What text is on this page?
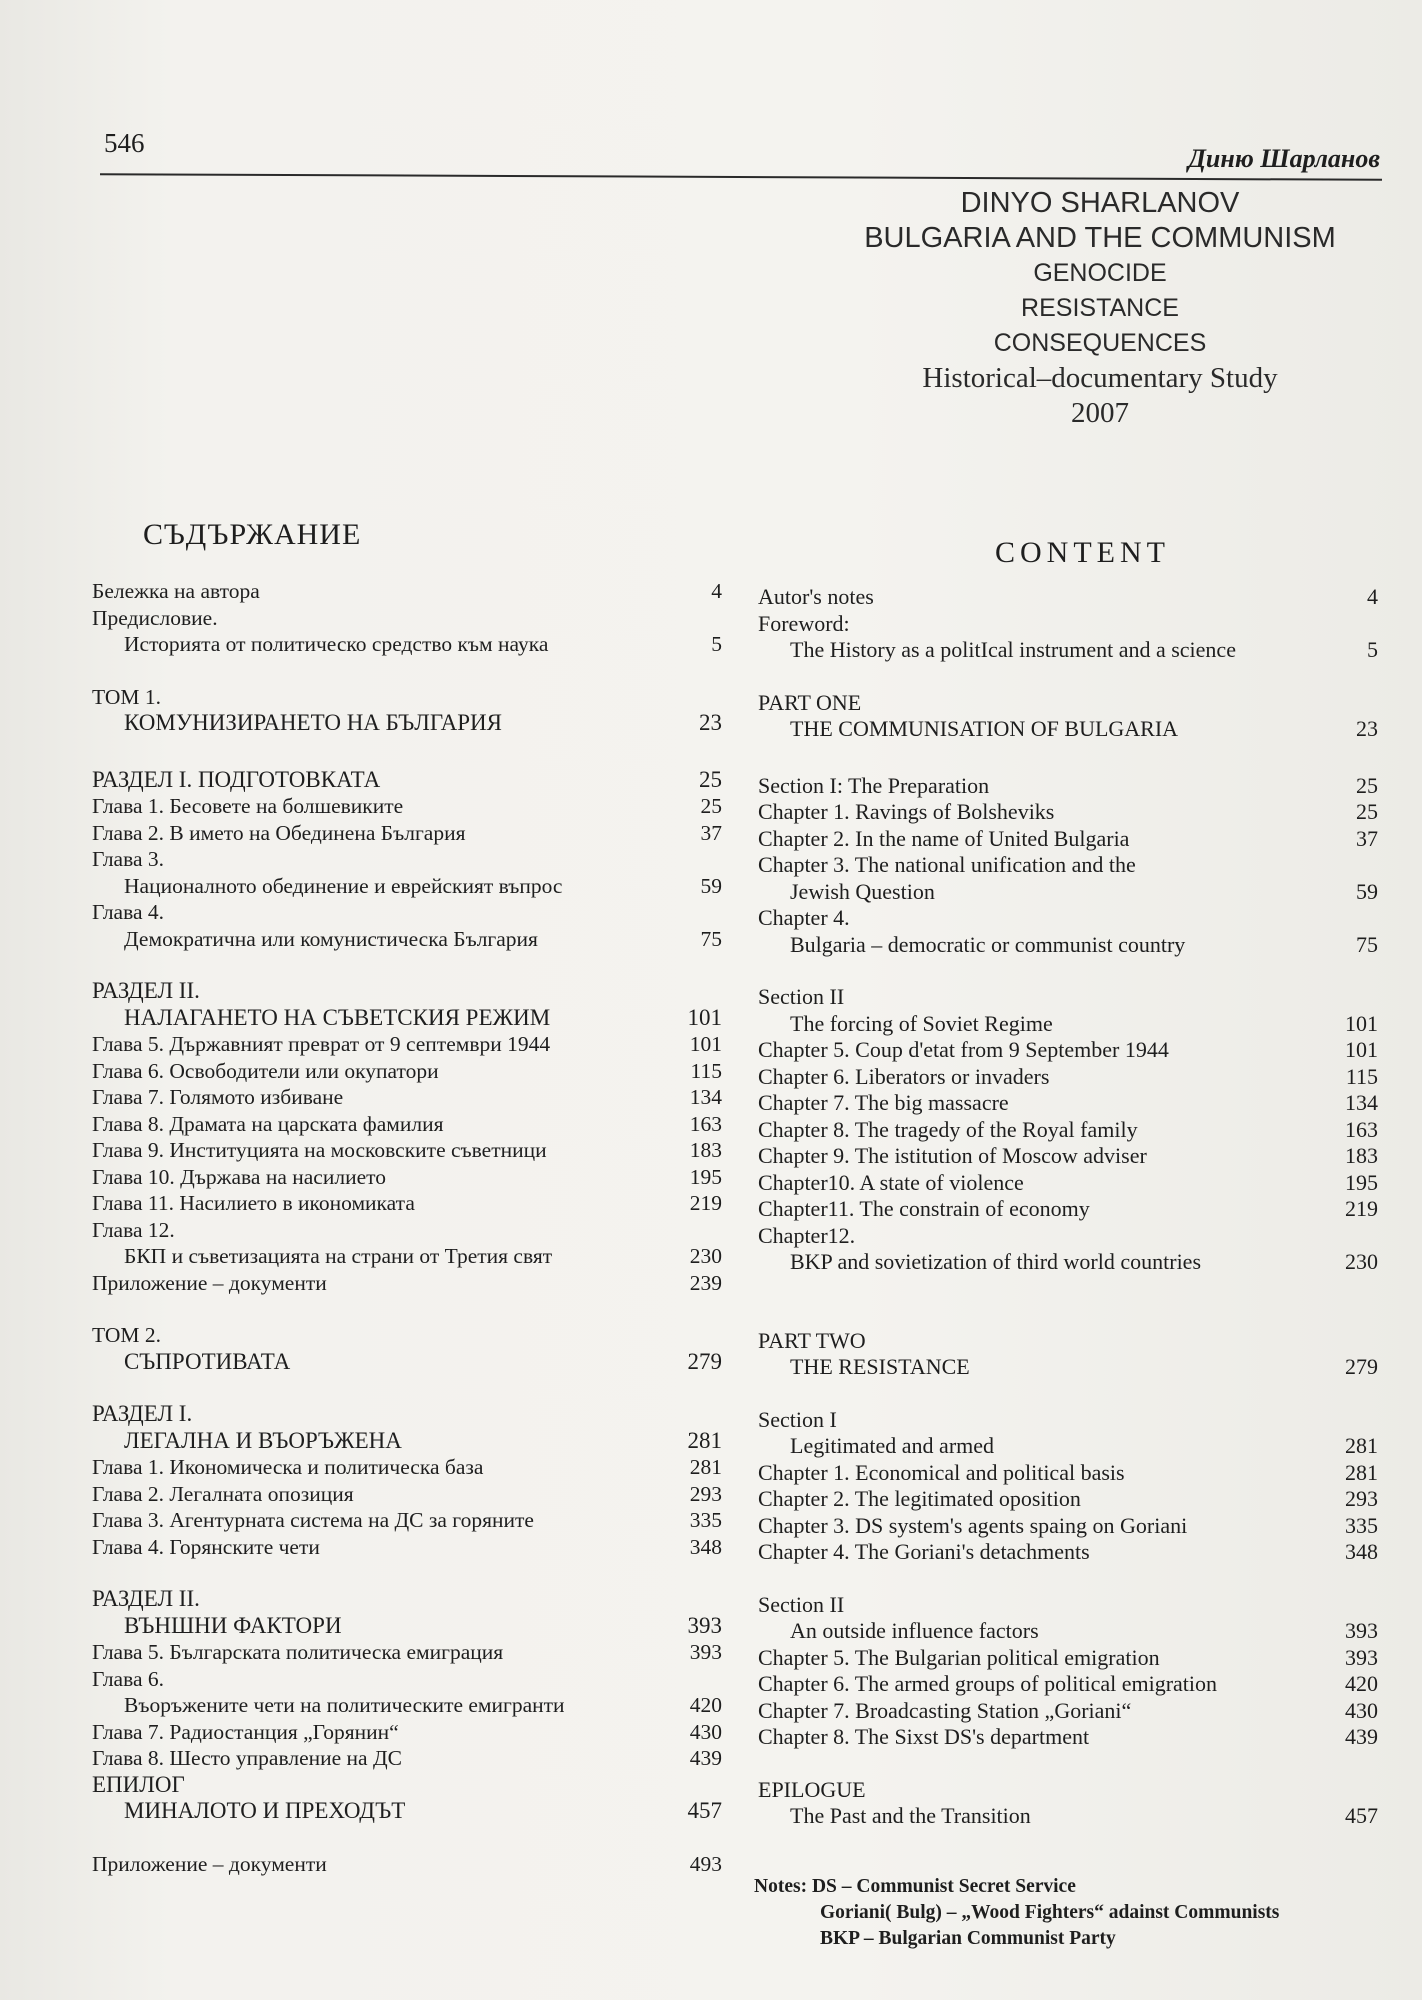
546
Диню Шарланов
DINYO SHARLANOV
BULGARIA AND THE COMMUNISM
GENOCIDE
RESISTANCE
CONSEQUENCES
Historical–documentary Study
2007
СЪДЪРЖАНИЕ
CONTENT
Бележка на автора	4
Предисловие.
Историята от политическо средство към наука	5
ТОМ 1.
КОМУНИЗИРАНЕТО НА БЪЛГАРИЯ	23
РАЗДЕЛ I. ПОДГОТОВКАТА	25
Глава 1. Бесовете на болшевиките	25
Глава 2. В името на Обединена България	37
Глава 3.
Националното обединение и еврейският въпрос	59
Глава 4.
Демократична или комунистическа България	75
РАЗДЕЛ II.
НАЛАГАНЕТО НА СЪВЕТСКИЯ РЕЖИМ	101
Глава 5. Държавният преврат от 9 септември 1944	101
Глава 6. Освободители или окупатори	115
Глава 7. Голямото избиване	134
Глава 8. Драмата на царската фамилия	163
Глава 9. Институцията на московските съветници	183
Глава 10. Държава на насилието	195
Глава 11. Насилието в икономиката	219
Глава 12.
БКП и съветизацията на страни от Третия свят	230
Приложение – документи	239
ТОМ 2.
СЪПРОТИВАТА	279
РАЗДЕЛ I.
ЛЕГАЛНА И ВЪОРЪЖЕНА	281
Глава 1. Икономическа и политическа база	281
Глава 2. Легалната опозиция	293
Глава 3. Агентурната система на ДС за горяните	335
Глава 4. Горянските чети	348
РАЗДЕЛ II.
ВЪНШНИ ФАКТОРИ	393
Глава 5. Българската политическа емиграция	393
Глава 6.
Въоръжените чети на политическите емигранти	420
Глава 7. Радиостанция „Горянин“	430
Глава 8. Шесто управление на ДС	439
ЕПИЛОГ
МИНАЛОТО И ПРЕХОДЪТ	457
Приложение – документи	493
Autor's notes	4
Foreword:
The History as a politIcal instrument and a science	5
PART ONE
THE COMMUNISATION OF BULGARIA	23
Section I: The Preparation	25
Chapter 1. Ravings of Bolsheviks	25
Chapter 2. In the name of United Bulgaria	37
Chapter 3. The national unification and the
Jewish Question	59
Chapter 4.
Bulgaria – democratic or communist country	75
Section II
The forcing of Soviet Regime	101
Chapter 5. Coup d'etat from 9 September 1944	101
Chapter 6. Liberators or invaders	115
Chapter 7. The big massacre	134
Chapter 8. The tragedy of the Royal family	163
Chapter 9. The istitution of Moscow adviser	183
Chapter10. A state of violence	195
Chapter11. The constrain of economy	219
Chapter12.
BKP and sovietization of third world countries	230
PART TWO
THE RESISTANCE	279
Section I
Legitimated and armed	281
Chapter 1. Economical and political basis	281
Chapter 2. The legitimated oposition	293
Chapter 3. DS system's agents spaing on Goriani	335
Chapter 4. The Goriani's detachments	348
Section II
An outside influence factors	393
Chapter 5. The Bulgarian political emigration	393
Chapter 6. The armed groups of political emigration	420
Chapter 7. Broadcasting Station „Goriani“	430
Chapter 8. The Sixst DS's department	439
EPILOGUE
The Past and the Transition	457
Notes: DS – Communist Secret Service
Goriani( Bulg) – „Wood Fighters“ adainst Communists
BKP – Bulgarian Communist Party
